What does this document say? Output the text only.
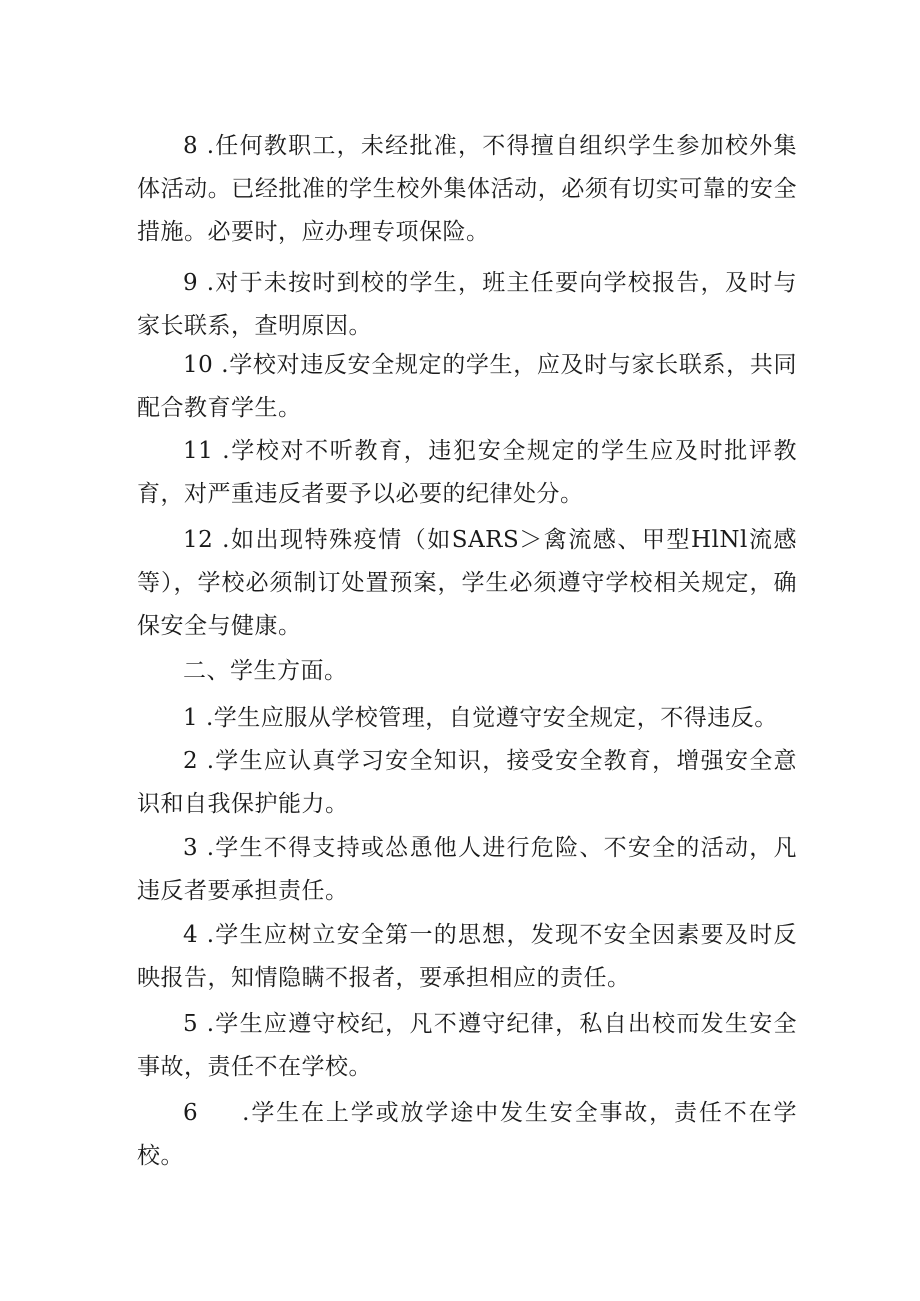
8 .任何教职工，未经批准，不得擅自组织学生参加校外集体活动。已经批准的学生校外集体活动，必须有切实可靠的安全措施。必要时，应办理专项保险。

9 .对于未按时到校的学生，班主任要向学校报告，及时与家长联系，查明原因。

10 .学校对违反安全规定的学生，应及时与家长联系，共同配合教育学生。

11 .学校对不听教育，违犯安全规定的学生应及时批评教育，对严重违反者要予以必要的纪律处分。

12 .如出现特殊疫情（如SARS＞禽流感、甲型HlNl流感等），学校必须制订处置预案，学生必须遵守学校相关规定，确保安全与健康。

二、学生方面。

1 .学生应服从学校管理，自觉遵守安全规定，不得违反。

2 .学生应认真学习安全知识，接受安全教育，增强安全意识和自我保护能力。

3 .学生不得支持或怂恿他人进行危险、不安全的活动，凡违反者要承担责任。

4 .学生应树立安全第一的思想，发现不安全因素要及时反映报告，知情隐瞒不报者，要承担相应的责任。

5 .学生应遵守校纪，凡不遵守纪律，私自出校而发生安全事故，责任不在学校。

6 .学生在上学或放学途中发生安全事故，责任不在学校。
